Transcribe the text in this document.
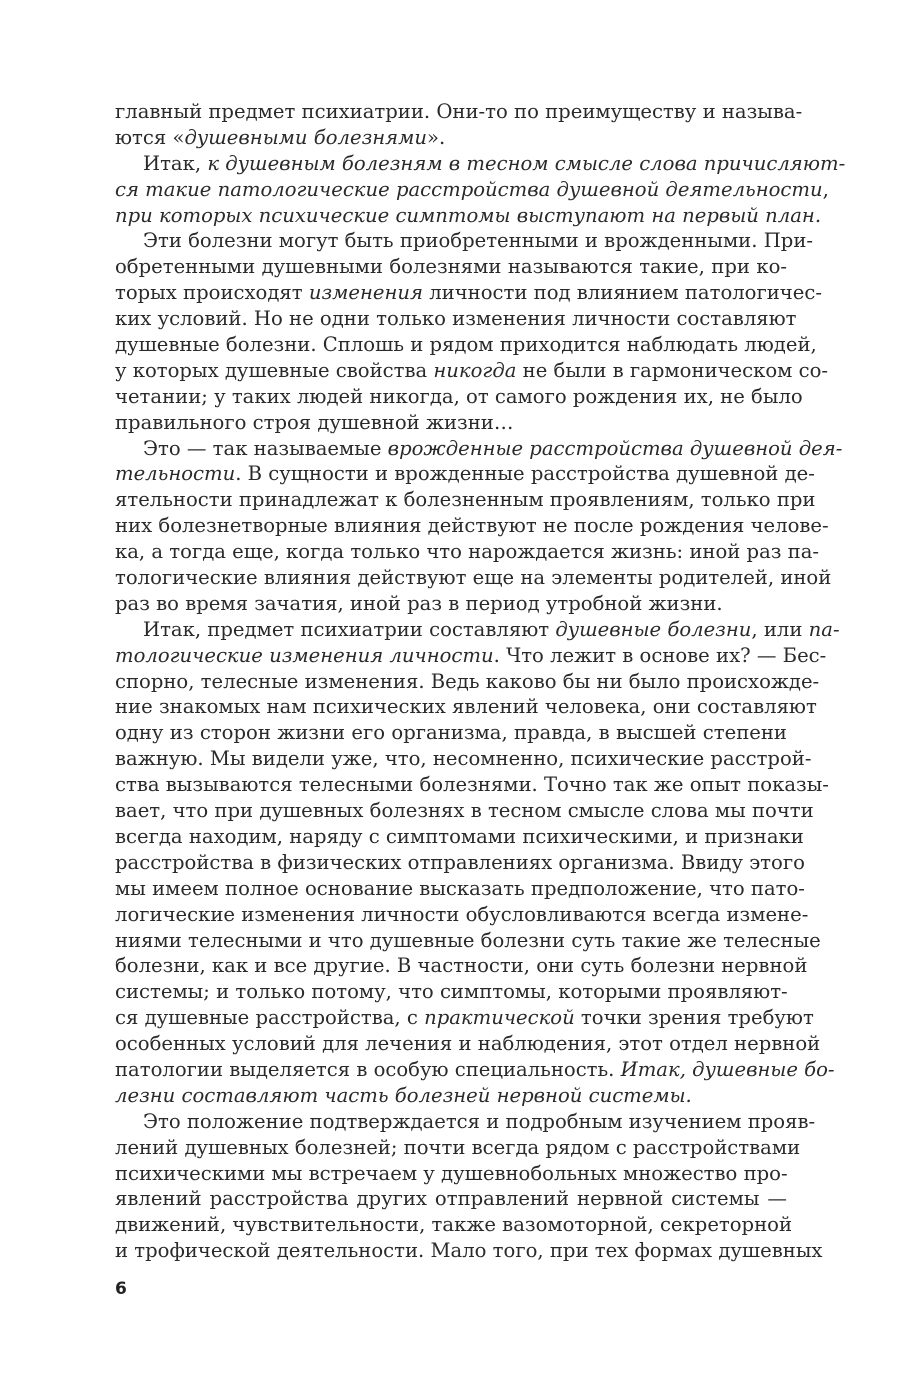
главный предмет психиатрии. Они-то по преимуществу и называ-
ются «душевными болезнями».
Итак, к душевным болезням в тесном смысле слова причисляют-
ся такие патологические расстройства душевной деятельности,
при которых психические симптомы выступают на первый план.
Эти болезни могут быть приобретенными и врожденными. При-
обретенными душевными болезнями называются такие, при ко-
торых происходят изменения личности под влиянием патологичес-
ких условий. Но не одни только изменения личности составляют
душевные болезни. Сплошь и рядом приходится наблюдать людей,
у которых душевные свойства никогда не были в гармоническом со-
четании; у таких людей никогда, от самого рождения их, не было
правильного строя душевной жизни…
Это — так называемые врожденные расстройства душевной дея-
тельности. В сущности и врожденные расстройства душевной де-
ятельности принадлежат к болезненным проявлениям, только при
них болезнетворные влияния действуют не после рождения челове-
ка, а тогда еще, когда только что нарождается жизнь: иной раз па-
тологические влияния действуют еще на элементы родителей, иной
раз во время зачатия, иной раз в период утробной жизни.
Итак, предмет психиатрии составляют душевные болезни, или па-
тологические изменения личности. Что лежит в основе их? — Бес-
спорно, телесные изменения. Ведь каково бы ни было происхожде-
ние знакомых нам психических явлений человека, они составляют
одну из сторон жизни его организма, правда, в высшей степени
важную. Мы видели уже, что, несомненно, психические расстрой-
ства вызываются телесными болезнями. Точно так же опыт показы-
вает, что при душевных болезнях в тесном смысле слова мы почти
всегда находим, наряду с симптомами психическими, и признаки
расстройства в физических отправлениях организма. Ввиду этого
мы имеем полное основание высказать предположение, что пато-
логические изменения личности обусловливаются всегда измене-
ниями телесными и что душевные болезни суть такие же телесные
болезни, как и все другие. В частности, они суть болезни нервной
системы; и только потому, что симптомы, которыми проявляют-
ся душевные расстройства, с практической точки зрения требуют
особенных условий для лечения и наблюдения, этот отдел нервной
патологии выделяется в особую специальность. Итак, душевные бо-
лезни составляют часть болезней нервной системы.
Это положение подтверждается и подробным изучением прояв-
лений душевных болезней; почти всегда рядом с расстройствами
психическими мы встречаем у душевнобольных множество про-
явлений расстройства других отправлений нервной системы —
движений, чувствительности, также вазомоторной, секреторной
и трофической деятельности. Мало того, при тех формах душевных
6
